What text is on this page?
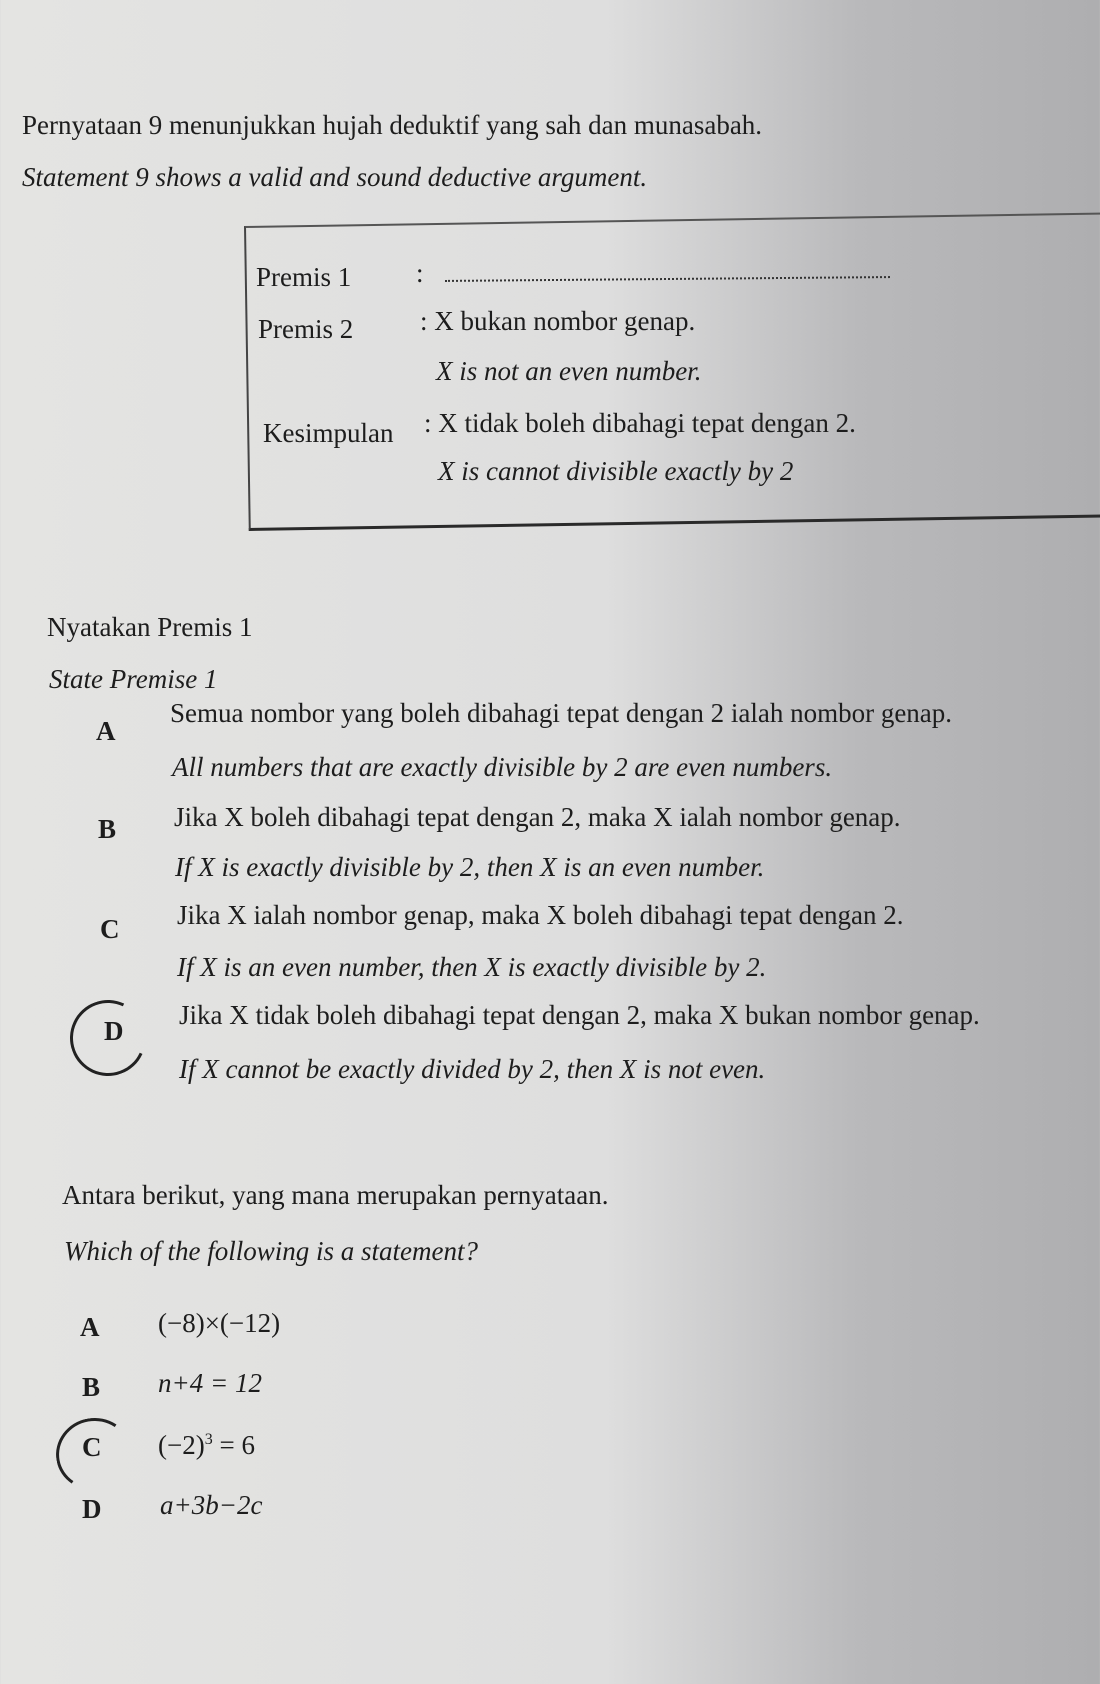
Pernyataan 9 menunjukkan hujah deduktif yang sah dan munasabah.
Statement 9 shows a valid and sound deductive argument.
Premis 1 :
Premis 2 : X bukan nombor genap.
X is not an even number.
Kesimpulan : X tidak boleh dibahagi tepat dengan 2.
X is cannot divisible exactly by 2
Nyatakan Premis 1
State Premise 1
A
Semua nombor yang boleh dibahagi tepat dengan 2 ialah nombor genap.
All numbers that are exactly divisible by 2 are even numbers.
B Jika X boleh dibahagi tepat dengan 2, maka X ialah nombor genap.
If X is exactly divisible by 2, then X is an even number.
C Jika X ialah nombor genap, maka X boleh dibahagi tepat dengan 2.
If X is an even number, then X is exactly divisible by 2.
D
Jika X tidak boleh dibahagi tepat dengan 2, maka X bukan nombor genap.
If X cannot be exactly divided by 2, then X is not even.
Antara berikut, yang mana merupakan pernyataan.
Which of the following is a statement?
A (−8)×(−12)
B n+4 = 12
C $(-2)^3 = 6$
D a+3b−2c
